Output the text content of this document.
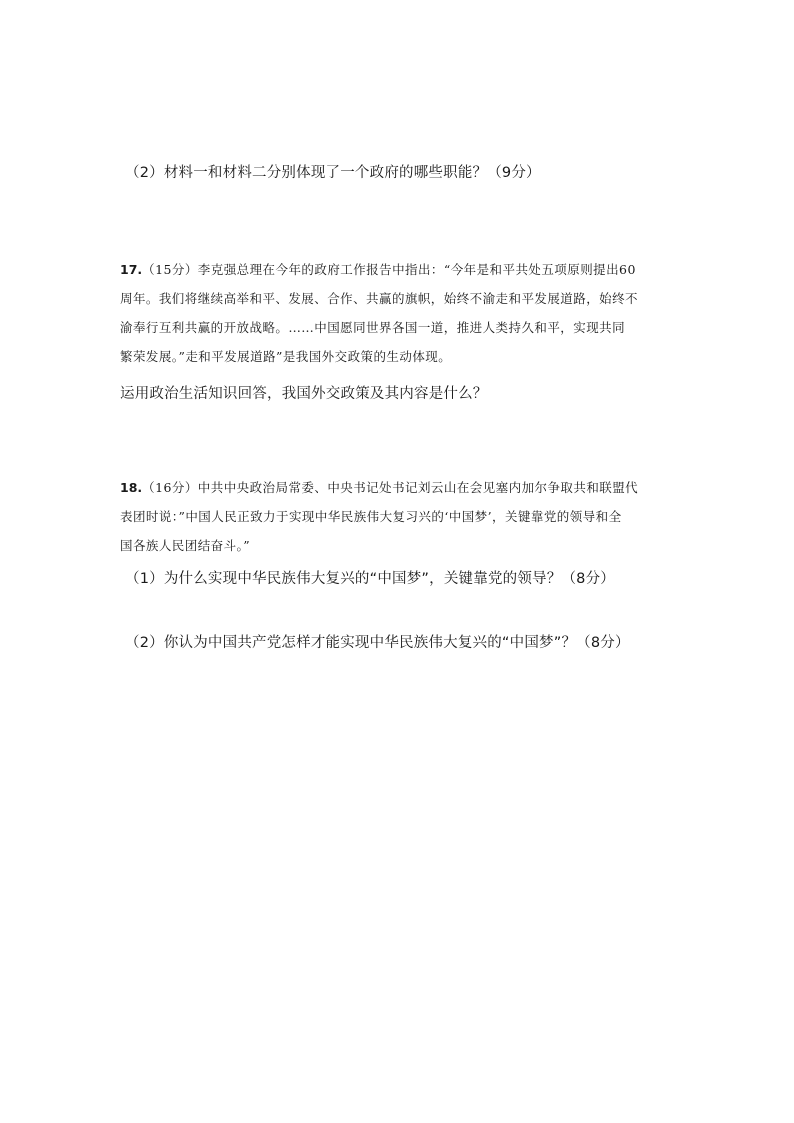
（2）材料一和材料二分别体现了一个政府的哪些职能？（9分）
17.（15分）李克强总理在今年的政府工作报告中指出：“今年是和平共处五项原则提出60
周年。我们将继续高举和平、发展、合作、共赢的旗帜，始终不渝走和平发展道路，始终不
渝奉行互利共赢的开放战略。……中国愿同世界各国一道，推进人类持久和平，实现共同
繁荣发展。”走和平发展道路”是我国外交政策的生动体现。
运用政治生活知识回答，我国外交政策及其内容是什么？
18.（16分）中共中央政治局常委、中央书记处书记刘云山在会见塞内加尔争取共和联盟代
表团时说：”中国人民正致力于实现中华民族伟大复习兴的‘中国梦’，关键靠党的领导和全
国各族人民团结奋斗。”
（1）为什么实现中华民族伟大复兴的“中国梦”，关键靠党的领导？（8分）
（2）你认为中国共产党怎样才能实现中华民族伟大复兴的“中国梦”？（8分）
